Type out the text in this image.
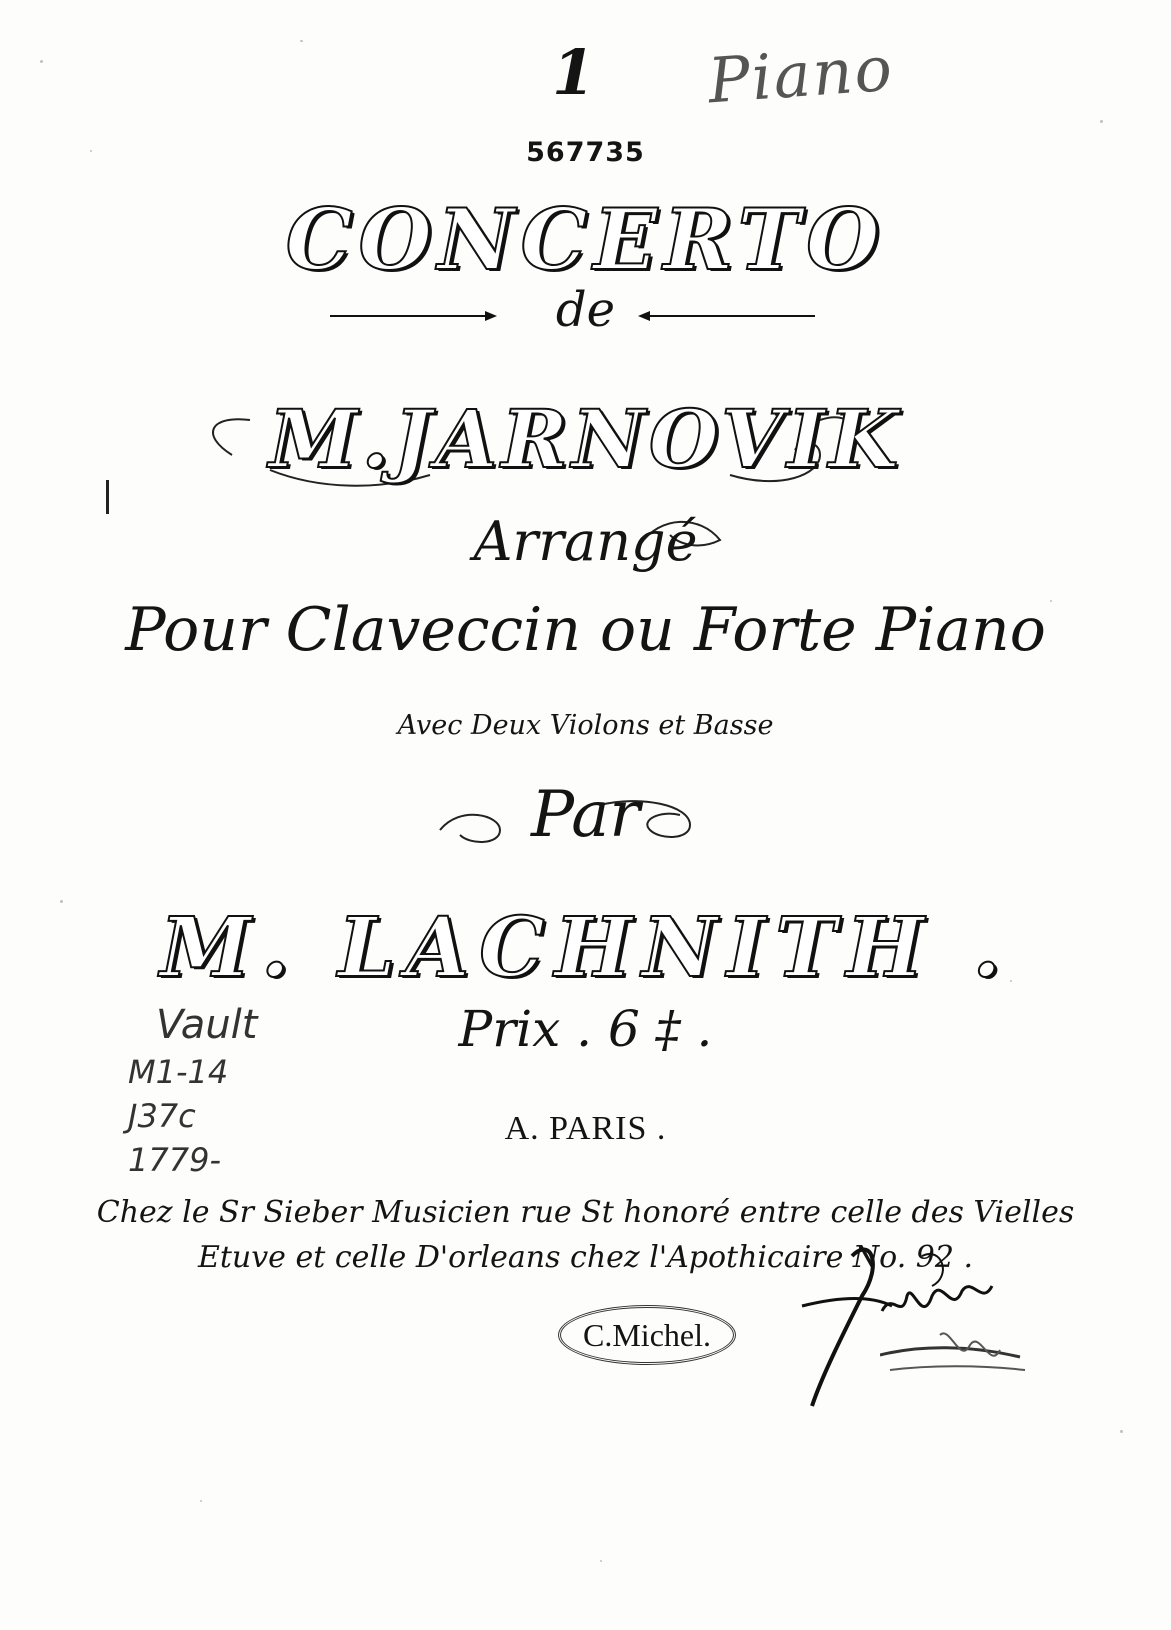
1 Piano
567735
CONCERTO
de
M.JARNOVIK
Arrangé
Pour Claveccin ou Forte Piano
Avec Deux Violons et Basse
Par
M. LACHNITH .
Prix . 6 ‡ .
A. PARIS .
Chez le Sr Sieber Musicien rue St honoré entre celle des Vielles
Etuve et celle D'orleans chez l'Apothicaire No. 92 .
Vault
M1-14
J37c
1779-
C.Michel.
